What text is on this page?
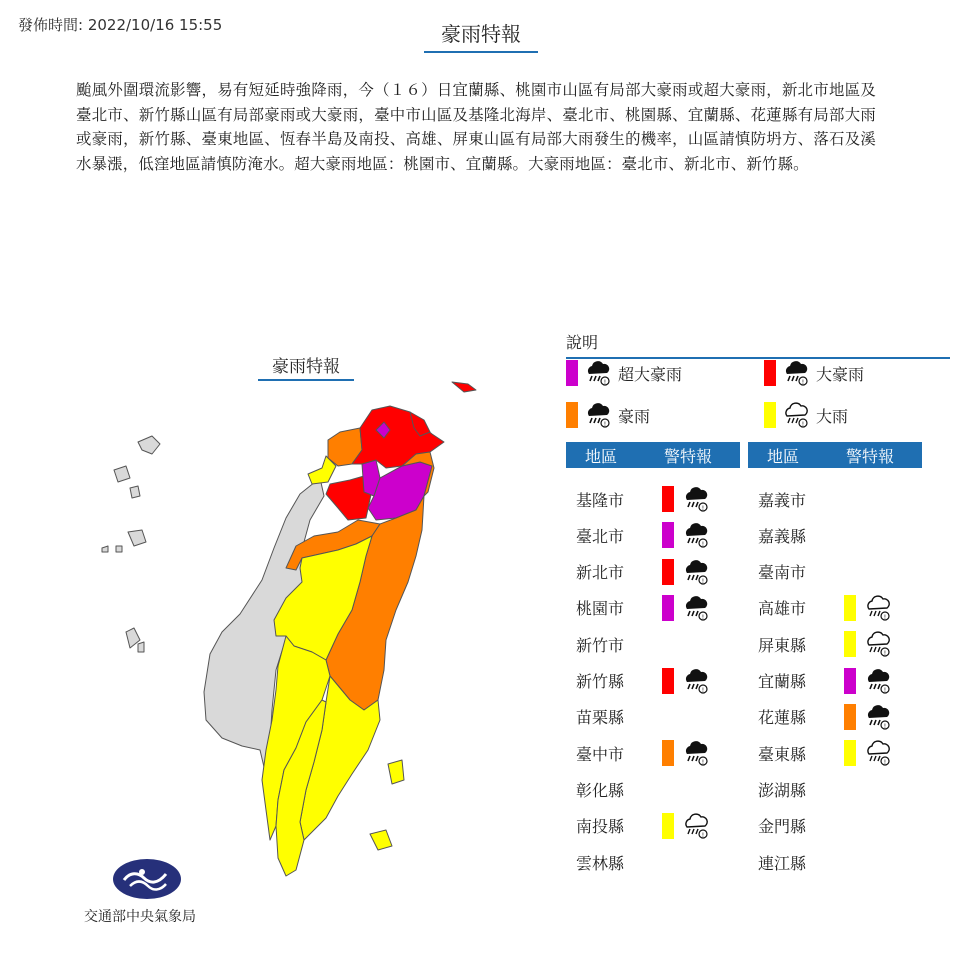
發佈時間: 2022/10/16 15:55	豪雨特報
颱風外圍環流影響，易有短延時強降雨，今（１６）日宜蘭縣、桃園市山區有局部大豪雨或超大豪雨，新北市地區及臺北市、新竹縣山區有局部豪雨或大豪雨，臺中市山區及基隆北海岸、臺北市、桃園縣、宜蘭縣、花蓮縣有局部大雨或豪雨，新竹縣、臺東地區、恆春半島及南投、高雄、屏東山區有局部大雨發生的機率，山區請慎防坍方、落石及溪水暴漲，低窪地區請慎防淹水。超大豪雨地區：桃園市、宜蘭縣。大豪雨地區：臺北市、新北市、新竹縣。
豪雨特報
說明
! 超大豪雨	! 大豪雨
! 豪雨	! 大雨
地區	警特報	地區	警特報
基隆市	!
臺北市	!
新北市	!
桃園市	!
新竹市
新竹縣	!
苗栗縣
臺中市	!
彰化縣
南投縣	!
雲林縣
嘉義市
嘉義縣
臺南市
高雄市	!
屏東縣	!
宜蘭縣	!
花蓮縣	!
臺東縣	!
澎湖縣
金門縣
連江縣
交通部中央氣象局
